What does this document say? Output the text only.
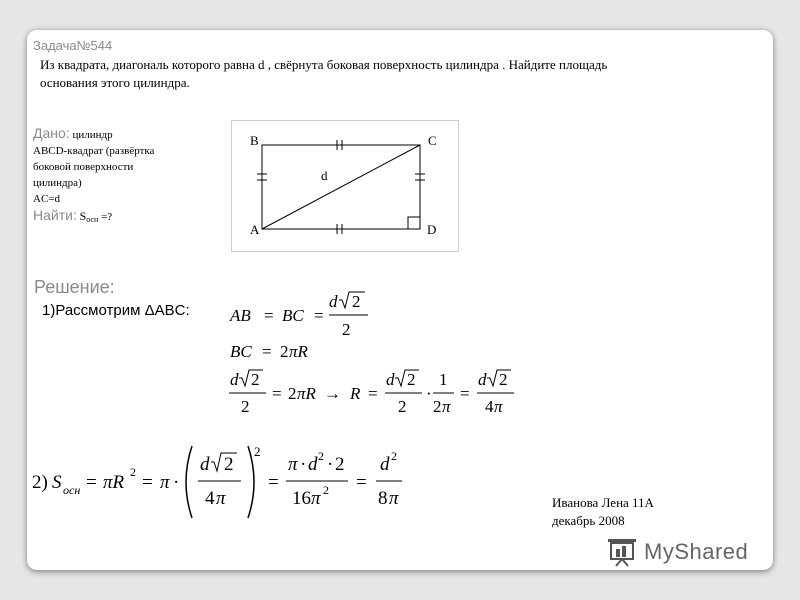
Задача№544
Из квадрата, диагональ которого равна d , свёрнута боковая поверхность цилиндра . Найдите площадь
основания этого цилиндра.
Дано: цилиндр
ABCD-квадрат (развёртка
боковой поверхности
цилиндра)
AC=d
Найти: $S_{осн}$ =?
B	C
A	D
d
Решение:
1)Рассмотрим ΔABC: AB = BC =
d 2
2
BC = 2 πR
d 2
2
= 2 πR → R =
d 2
2
·
1
2 π
=
d 2
4 π
2) S осн = πR 2 = π ·
d 2
4 π
2
=
π · d 2 · 2
16 π 2 =
d 2
8 π	Иванова Лена 11А
декабрь 2008
MyShared
